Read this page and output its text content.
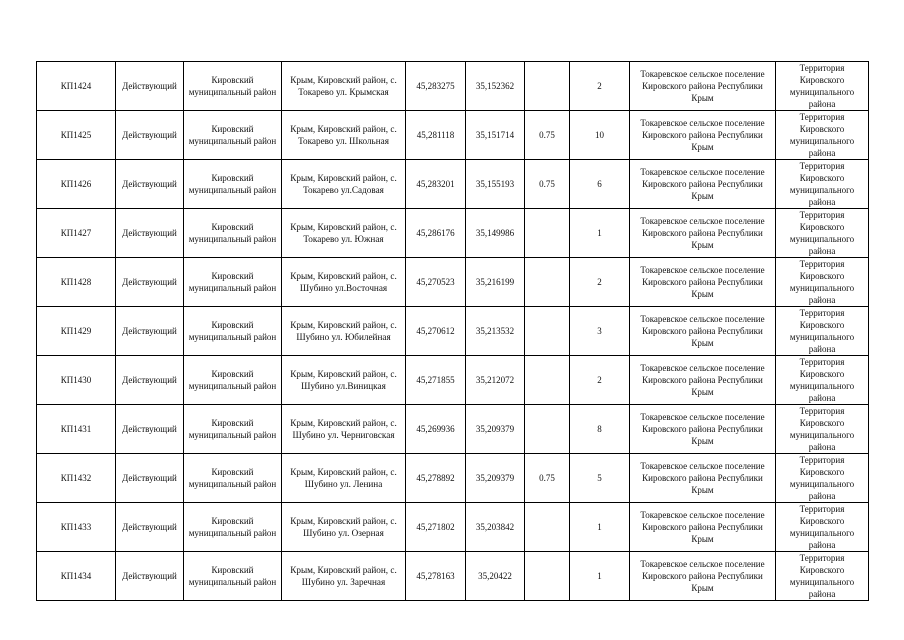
КП1424	Действующий	Кировский муниципальный район	Крым, Кировский район, с. Токарево ул. Крымская	45,283275	35,152362		2	Токаревское сельское поселение Кировского района Республики Крым	Территория Кировского муниципального района
КП1425	Действующий	Кировский муниципальный район	Крым, Кировский район, с. Токарево ул. Школьная	45,281118	35,151714	0.75	10	Токаревское сельское поселение Кировского района Республики Крым	Территория Кировского муниципального района
КП1426	Действующий	Кировский муниципальный район	Крым, Кировский район, с. Токарево ул.Садовая	45,283201	35,155193	0.75	6	Токаревское сельское поселение Кировского района Республики Крым	Территория Кировского муниципального района
КП1427	Действующий	Кировский муниципальный район	Крым, Кировский район, с. Токарево ул. Южная	45,286176	35,149986		1	Токаревское сельское поселение Кировского района Республики Крым	Территория Кировского муниципального района
КП1428	Действующий	Кировский муниципальный район	Крым, Кировский район, с. Шубино ул.Восточная	45,270523	35,216199		2	Токаревское сельское поселение Кировского района Республики Крым	Территория Кировского муниципального района
КП1429	Действующий	Кировский муниципальный район	Крым, Кировский район, с. Шубино ул. Юбилейная	45,270612	35,213532		3	Токаревское сельское поселение Кировского района Республики Крым	Территория Кировского муниципального района
КП1430	Действующий	Кировский муниципальный район	Крым, Кировский район, с. Шубино ул.Виницкая	45,271855	35,212072		2	Токаревское сельское поселение Кировского района Республики Крым	Территория Кировского муниципального района
КП1431	Действующий	Кировский муниципальный район	Крым, Кировский район, с. Шубино ул. Черниговская	45,269936	35,209379		8	Токаревское сельское поселение Кировского района Республики Крым	Территория Кировского муниципального района
КП1432	Действующий	Кировский муниципальный район	Крым, Кировский район, с. Шубино ул. Ленина	45,278892	35,209379	0.75	5	Токаревское сельское поселение Кировского района Республики Крым	Территория Кировского муниципального района
КП1433	Действующий	Кировский муниципальный район	Крым, Кировский район, с. Шубино ул. Озерная	45,271802	35,203842		1	Токаревское сельское поселение Кировского района Республики Крым	Территория Кировского муниципального района
КП1434	Действующий	Кировский муниципальный район	Крым, Кировский район, с. Шубино ул. Заречная	45,278163	35,20422		1	Токаревское сельское поселение Кировского района Республики Крым	Территория Кировского муниципального района
